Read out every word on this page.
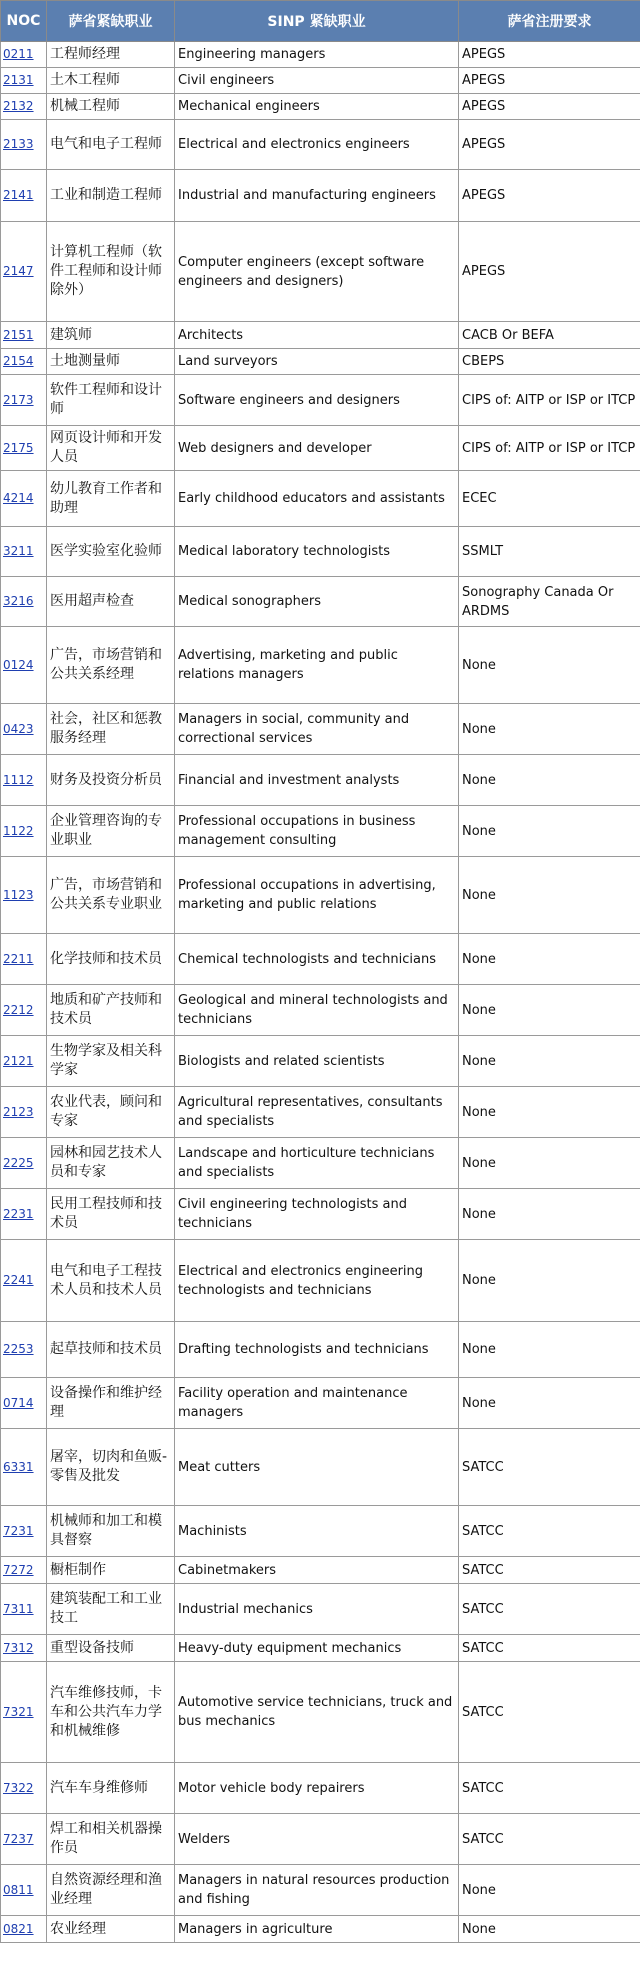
NOC	萨省紧缺职业	SINP 紧缺职业	萨省注册要求
0211	工程师经理	Engineering managers	APEGS
2131	土木工程师	Civil engineers	APEGS
2132	机械工程师	Mechanical engineers	APEGS
2133	电气和电子工程师	Electrical and electronics engineers	APEGS
2141	工业和制造工程师	Industrial and manufacturing engineers	APEGS
2147	计算机工程师（软件工程师和设计师除外）	Computer engineers (except software engineers and designers)	APEGS
2151	建筑师	Architects	CACB Or BEFA
2154	土地测量师	Land surveyors	CBEPS
2173	软件工程师和设计师	Software engineers and designers	CIPS of: AITP or ISP or ITCP
2175	网页设计师和开发人员	Web designers and developer	CIPS of: AITP or ISP or ITCP
4214	幼儿教育工作者和助理	Early childhood educators and assistants	ECEC
3211	医学实验室化验师	Medical laboratory technologists	SSMLT
3216	医用超声检查	Medical sonographers	Sonography Canada Or ARDMS
0124	广告，市场营销和公共关系经理	Advertising, marketing and public relations managers	None
0423	社会，社区和惩教服务经理	Managers in social, community and correctional services	None
1112	财务及投资分析员	Financial and investment analysts	None
1122	企业管理咨询的专业职业	Professional occupations in business management consulting	None
1123	广告，市场营销和公共关系专业职业	Professional occupations in advertising, marketing and public relations	None
2211	化学技师和技术员	Chemical technologists and technicians	None
2212	地质和矿产技师和技术员	Geological and mineral technologists and technicians	None
2121	生物学家及相关科学家	Biologists and related scientists	None
2123	农业代表，顾问和专家	Agricultural representatives, consultants and specialists	None
2225	园林和园艺技术人员和专家	Landscape and horticulture technicians and specialists	None
2231	民用工程技师和技术员	Civil engineering technologists and technicians	None
2241	电气和电子工程技术人员和技术人员	Electrical and electronics engineering technologists and technicians	None
2253	起草技师和技术员	Drafting technologists and technicians	None
0714	设备操作和维护经理	Facility operation and maintenance managers	None
6331	屠宰，切肉和鱼贩-零售及批发	Meat cutters	SATCC
7231	机械师和加工和模具督察	Machinists	SATCC
7272	橱柜制作	Cabinetmakers	SATCC
7311	建筑装配工和工业技工	Industrial mechanics	SATCC
7312	重型设备技师	Heavy-duty equipment mechanics	SATCC
7321	汽车维修技师，卡车和公共汽车力学和机械维修	Automotive service technicians, truck and bus mechanics	SATCC
7322	汽车车身维修师	Motor vehicle body repairers	SATCC
7237	焊工和相关机器操作员	Welders	SATCC
0811	自然资源经理和渔业经理	Managers in natural resources production and fishing	None
0821	农业经理	Managers in agriculture	None
